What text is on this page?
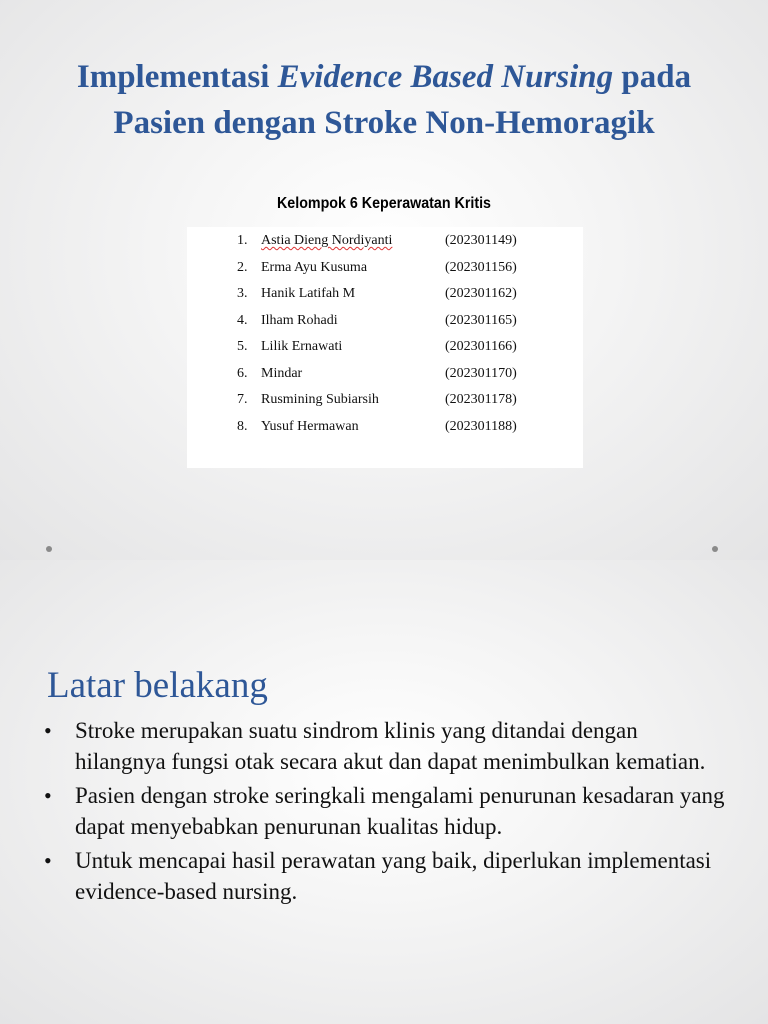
Implementasi Evidence Based Nursing pada Pasien dengan Stroke Non-Hemoragik
Kelompok 6 Keperawatan Kritis
1. Astia Dieng Nordiyanti	(202301149)
2. Erma Ayu Kusuma	(202301156)
3. Hanik Latifah M	(202301162)
4. Ilham Rohadi	(202301165)
5. Lilik Ernawati	(202301166)
6. Mindar	(202301170)
7. Rusmining Subiarsih	(202301178)
8. Yusuf Hermawan	(202301188)
Latar belakang
• Stroke merupakan suatu sindrom klinis yang ditandai dengan hilangnya fungsi otak secara akut dan dapat menimbulkan kematian.
• Pasien dengan stroke seringkali mengalami penurunan kesadaran yang dapat menyebabkan penurunan kualitas hidup.
• Untuk mencapai hasil perawatan yang baik, diperlukan implementasi evidence-based nursing.
